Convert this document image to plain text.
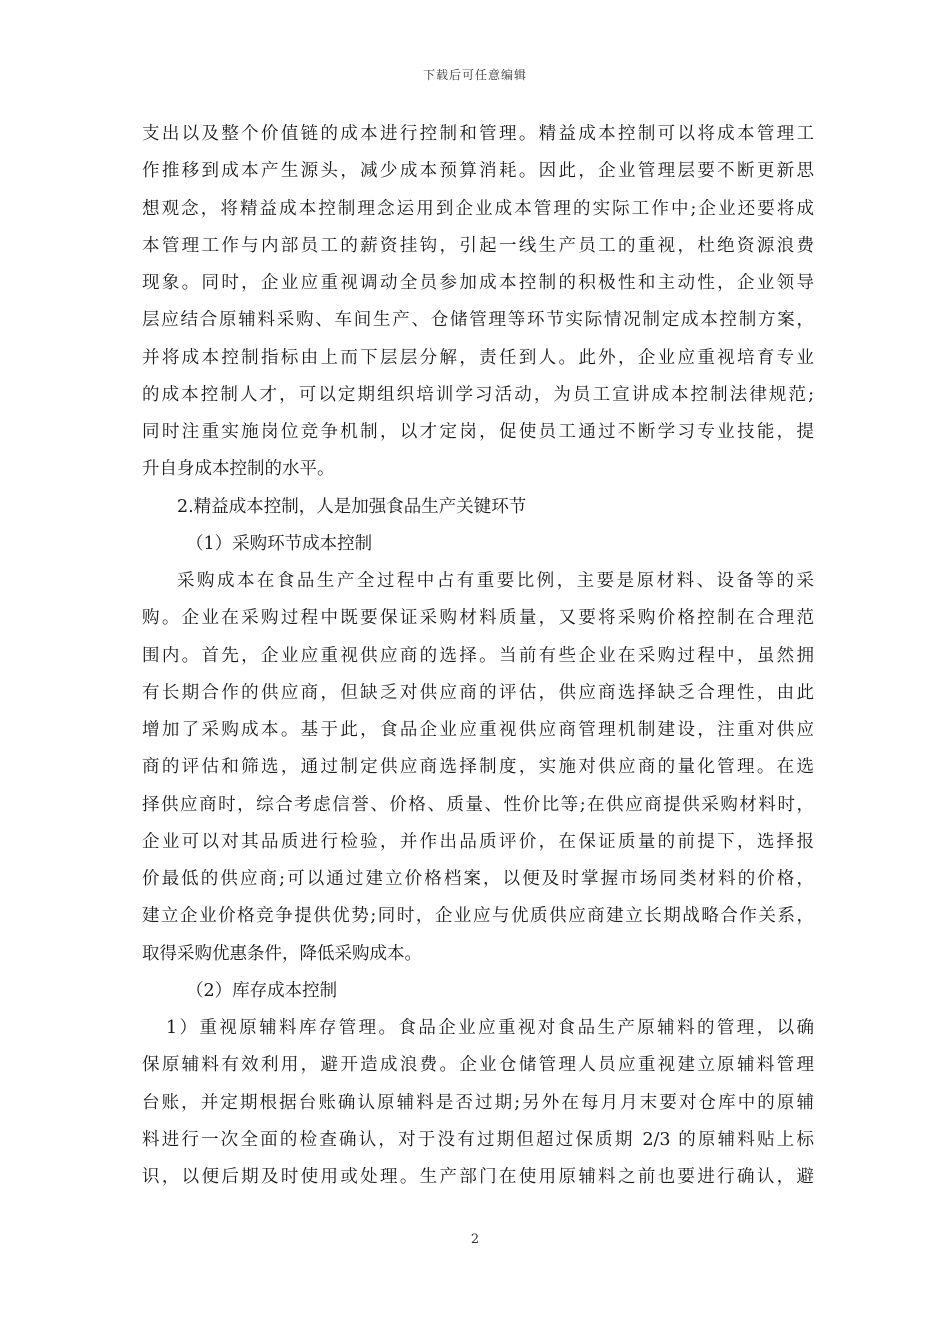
下载后可任意编辑
支出以及整个价值链的成本进行控制和管理。精益成本控制可以将成本管理工
作推移到成本产生源头，减少成本预算消耗。因此，企业管理层要不断更新思
想观念，将精益成本控制理念运用到企业成本管理的实际工作中;企业还要将成
本管理工作与内部员工的薪资挂钩，引起一线生产员工的重视，杜绝资源浪费
现象。同时，企业应重视调动全员参加成本控制的积极性和主动性，企业领导
层应结合原辅料采购、车间生产、仓储管理等环节实际情况制定成本控制方案，
并将成本控制指标由上而下层层分解，责任到人。此外，企业应重视培育专业
的成本控制人才，可以定期组织培训学习活动，为员工宣讲成本控制法律规范;
同时注重实施岗位竞争机制，以才定岗，促使员工通过不断学习专业技能，提
升自身成本控制的水平。
2.精益成本控制，人是加强食品生产关键环节
（1）采购环节成本控制
采购成本在食品生产全过程中占有重要比例，主要是原材料、设备等的采
购。企业在采购过程中既要保证采购材料质量，又要将采购价格控制在合理范
围内。首先，企业应重视供应商的选择。当前有些企业在采购过程中，虽然拥
有长期合作的供应商，但缺乏对供应商的评估，供应商选择缺乏合理性，由此
增加了采购成本。基于此，食品企业应重视供应商管理机制建设，注重对供应
商的评估和筛选，通过制定供应商选择制度，实施对供应商的量化管理。在选
择供应商时，综合考虑信誉、价格、质量、性价比等;在供应商提供采购材料时，
企业可以对其品质进行检验，并作出品质评价，在保证质量的前提下，选择报
价最低的供应商;可以通过建立价格档案，以便及时掌握市场同类材料的价格，
建立企业价格竞争提供优势;同时，企业应与优质供应商建立长期战略合作关系，
取得采购优惠条件，降低采购成本。
（2）库存成本控制
1）重视原辅料库存管理。食品企业应重视对食品生产原辅料的管理，以确
保原辅料有效利用，避开造成浪费。企业仓储管理人员应重视建立原辅料管理
台账，并定期根据台账确认原辅料是否过期;另外在每月月末要对仓库中的原辅
料进行一次全面的检查确认，对于没有过期但超过保质期 2/3 的原辅料贴上标
识，以便后期及时使用或处理。生产部门在使用原辅料之前也要进行确认，避
2
